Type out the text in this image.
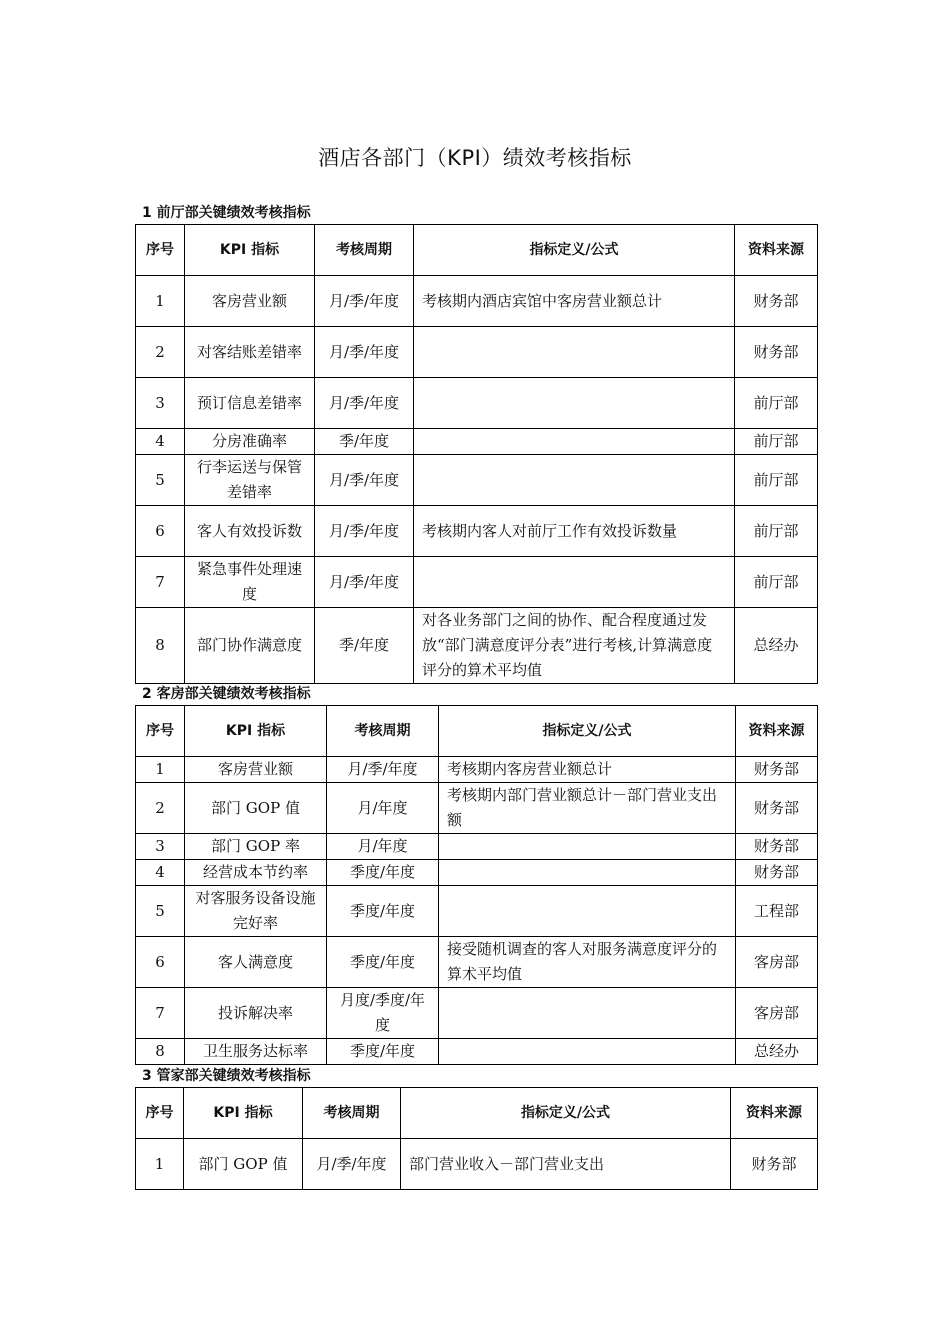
酒店各部门（KPI）绩效考核指标
1 前厅部关键绩效考核指标
序号	KPI 指标	考核周期	指标定义/公式	资料来源
1	客房营业额	月/季/年度	考核期内酒店宾馆中客房营业额总计	财务部
2	对客结账差错率	月/季/年度		财务部
3	预订信息差错率	月/季/年度		前厅部
4	分房准确率	季/年度		前厅部
5	行李运送与保管差错率	月/季/年度		前厅部
6	客人有效投诉数	月/季/年度	考核期内客人对前厅工作有效投诉数量	前厅部
7	紧急事件处理速度	月/季/年度		前厅部
8	部门协作满意度	季/年度	对各业务部门之间的协作、配合程度通过发放“部门满意度评分表”进行考核,计算满意度评分的算术平均值	总经办
2 客房部关键绩效考核指标
序号	KPI 指标	考核周期	指标定义/公式	资料来源
1	客房营业额	月/季/年度	考核期内客房营业额总计	财务部
2	部门 GOP 值	月/年度	考核期内部门营业额总计－部门营业支出额	财务部
3	部门 GOP 率	月/年度		财务部
4	经营成本节约率	季度/年度		财务部
5	对客服务设备设施完好率	季度/年度		工程部
6	客人满意度	季度/年度	接受随机调查的客人对服务满意度评分的算术平均值	客房部
7	投诉解决率	月度/季度/年度		客房部
8	卫生服务达标率	季度/年度		总经办
3 管家部关键绩效考核指标
序号	KPI 指标	考核周期	指标定义/公式	资料来源
1	部门 GOP 值	月/季/年度	部门营业收入－部门营业支出	财务部
